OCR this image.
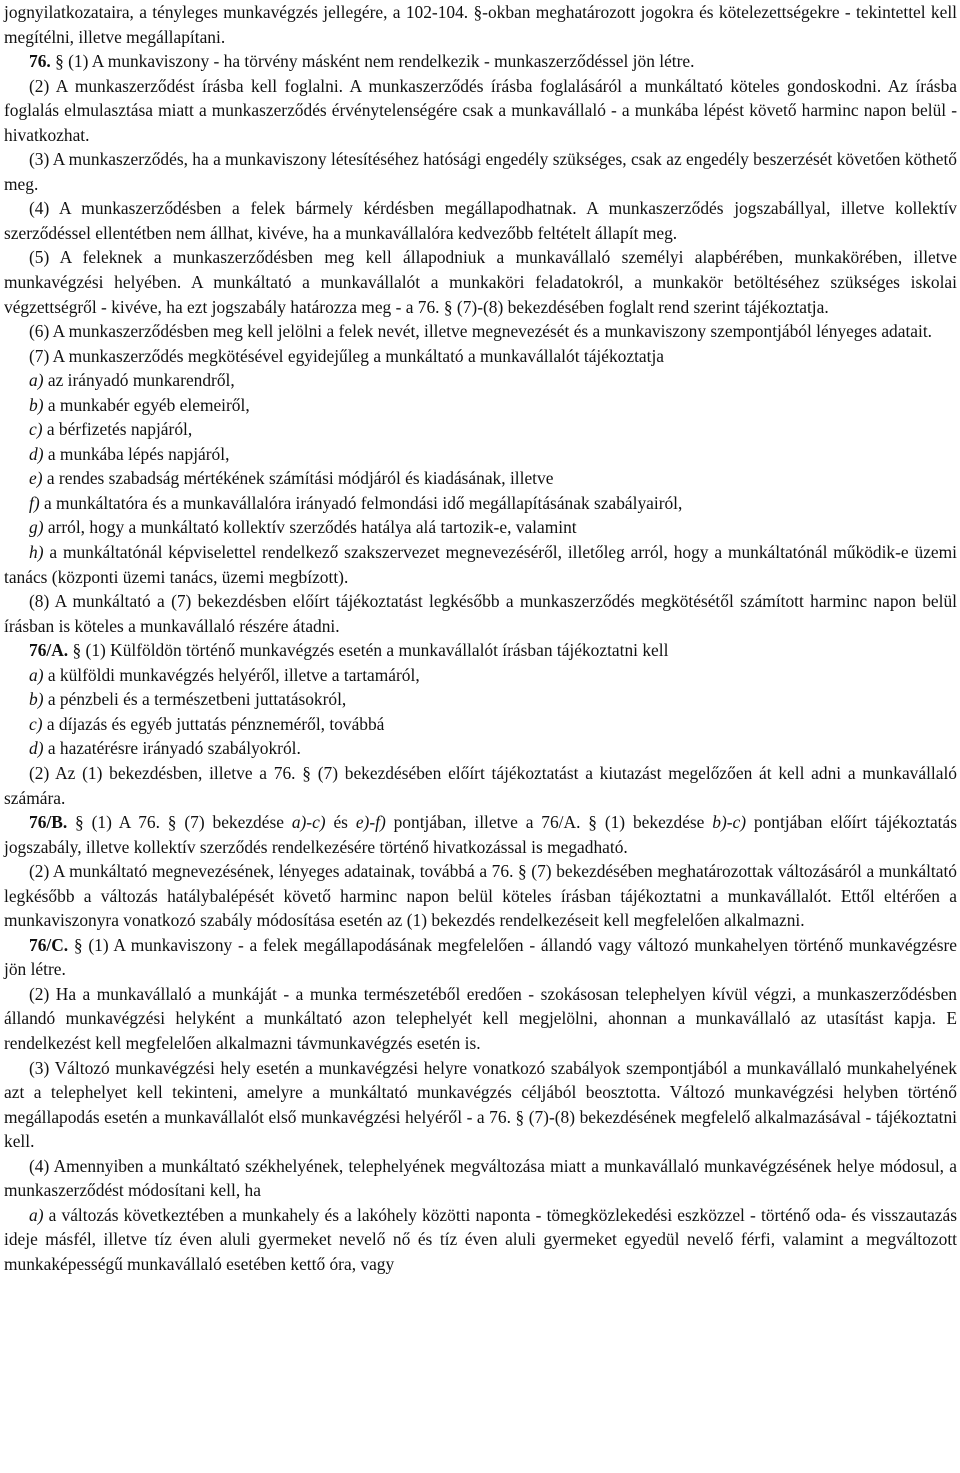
jognyilatkozataira, a tényleges munkavégzés jellegére, a 102-104. §-okban meghatározott jogokra és kötelezettségekre - tekintettel kell megítélni, illetve megállapítani.

76. § (1) A munkaviszony - ha törvény másként nem rendelkezik - munkaszerződéssel jön létre.

(2) A munkaszerződést írásba kell foglalni. A munkaszerződés írásba foglalásáról a munkáltató köteles gondoskodni. Az írásba foglalás elmulasztása miatt a munkaszerződés érvénytelenségére csak a munkavállaló - a munkába lépést követő harminc napon belül - hivatkozhat.

(3) A munkaszerződés, ha a munkaviszony létesítéséhez hatósági engedély szükséges, csak az engedély beszerzését követően köthető meg.

(4) A munkaszerződésben a felek bármely kérdésben megállapodhatnak. A munkaszerződés jogszabállyal, illetve kollektív szerződéssel ellentétben nem állhat, kivéve, ha a munkavállalóra kedvezőbb feltételt állapít meg.

(5) A feleknek a munkaszerződésben meg kell állapodniuk a munkavállaló személyi alapbérében, munkakörében, illetve munkavégzési helyében. A munkáltató a munkavállalót a munkaköri feladatokról, a munkakör betöltéséhez szükséges iskolai végzettségről - kivéve, ha ezt jogszabály határozza meg - a 76. § (7)-(8) bekezdésében foglalt rend szerint tájékoztatja.

(6) A munkaszerződésben meg kell jelölni a felek nevét, illetve megnevezését és a munkaviszony szempontjából lényeges adatait.

(7) A munkaszerződés megkötésével egyidejűleg a munkáltató a munkavállalót tájékoztatja

a) az irányadó munkarendről,

b) a munkabér egyéb elemeiről,

c) a bérfizetés napjáról,

d) a munkába lépés napjáról,

e) a rendes szabadság mértékének számítási módjáról és kiadásának, illetve

f) a munkáltatóra és a munkavállalóra irányadó felmondási idő megállapításának szabályairól,

g) arról, hogy a munkáltató kollektív szerződés hatálya alá tartozik-e, valamint

h) a munkáltatónál képviselettel rendelkező szakszervezet megnevezéséről, illetőleg arról, hogy a munkáltatónál működik-e üzemi tanács (központi üzemi tanács, üzemi megbízott).

(8) A munkáltató a (7) bekezdésben előírt tájékoztatást legkésőbb a munkaszerződés megkötésétől számított harminc napon belül írásban is köteles a munkavállaló részére átadni.

76/A. § (1) Külföldön történő munkavégzés esetén a munkavállalót írásban tájékoztatni kell

a) a külföldi munkavégzés helyéről, illetve a tartamáról,

b) a pénzbeli és a természetbeni juttatásokról,

c) a díjazás és egyéb juttatás pénzneméről, továbbá

d) a hazatérésre irányadó szabályokról.

(2) Az (1) bekezdésben, illetve a 76. § (7) bekezdésében előírt tájékoztatást a kiutazást megelőzően át kell adni a munkavállaló számára.

76/B. § (1) A 76. § (7) bekezdése a)-c) és e)-f) pontjában, illetve a 76/A. § (1) bekezdése b)-c) pontjában előírt tájékoztatás jogszabály, illetve kollektív szerződés rendelkezésére történő hivatkozással is megadható.

(2) A munkáltató megnevezésének, lényeges adatainak, továbbá a 76. § (7) bekezdésében meghatározottak változásáról a munkáltató legkésőbb a változás hatálybalépését követő harminc napon belül köteles írásban tájékoztatni a munkavállalót. Ettől eltérően a munkaviszonyra vonatkozó szabály módosítása esetén az (1) bekezdés rendelkezéseit kell megfelelően alkalmazni.

76/C. § (1) A munkaviszony - a felek megállapodásának megfelelően - állandó vagy változó munkahelyen történő munkavégzésre jön létre.

(2) Ha a munkavállaló a munkáját - a munka természetéből eredően - szokásosan telephelyen kívül végzi, a munkaszerződésben állandó munkavégzési helyként a munkáltató azon telephelyét kell megjelölni, ahonnan a munkavállaló az utasítást kapja. E rendelkezést kell megfelelően alkalmazni távmunkavégzés esetén is.

(3) Változó munkavégzési hely esetén a munkavégzési helyre vonatkozó szabályok szempontjából a munkavállaló munkahelyének azt a telephelyet kell tekinteni, amelyre a munkáltató munkavégzés céljából beosztotta. Változó munkavégzési helyben történő megállapodás esetén a munkavállalót első munkavégzési helyéről - a 76. § (7)-(8) bekezdésének megfelelő alkalmazásával - tájékoztatni kell.

(4) Amennyiben a munkáltató székhelyének, telephelyének megváltozása miatt a munkavállaló munkavégzésének helye módosul, a munkaszerződést módosítani kell, ha

a) a változás következtében a munkahely és a lakóhely közötti naponta - tömegközlekedési eszközzel - történő oda- és visszautazás ideje másfél, illetve tíz éven aluli gyermeket nevelő nő és tíz éven aluli gyermeket egyedül nevelő férfi, valamint a megváltozott munkaképességű munkavállaló esetében kettő óra, vagy
